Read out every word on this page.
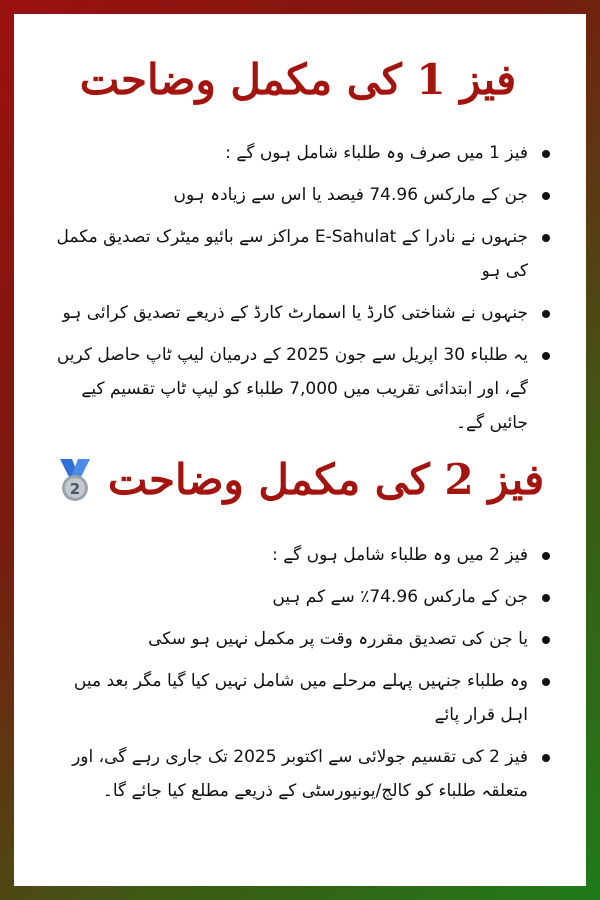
فیز 1 کی مکمل وضاحت
فیز 1 میں صرف وہ طلباء شامل ہوں گے :
جن کے مارکس 74.96 فیصد یا اس سے زیادہ ہوں
جنہوں نے نادرا کے E-Sahulat مراکز سے بائیو میٹرک تصدیق مکمل کی ہو
جنہوں نے شناختی کارڈ یا اسمارٹ کارڈ کے ذریعے تصدیق کرائی ہو
یہ طلباء 30 اپریل سے جون 2025 کے درمیان لیپ ٹاپ حاصل کریں گے، اور ابتدائی تقریب میں 7,000 طلباء کو لیپ ٹاپ تقسیم کیے جائیں گے۔
فیز 2 کی مکمل وضاحت
2
فیز 2 میں وہ طلباء شامل ہوں گے :
جن کے مارکس 74.96٪ سے کم ہیں
یا جن کی تصدیق مقررہ وقت پر مکمل نہیں ہو سکی
وہ طلباء جنہیں پہلے مرحلے میں شامل نہیں کیا گیا مگر بعد میں اہل قرار پائے
فیز 2 کی تقسیم جولائی سے اکتوبر 2025 تک جاری رہے گی، اور متعلقہ طلباء کو کالج/یونیورسٹی کے ذریعے مطلع کیا جائے گا۔
